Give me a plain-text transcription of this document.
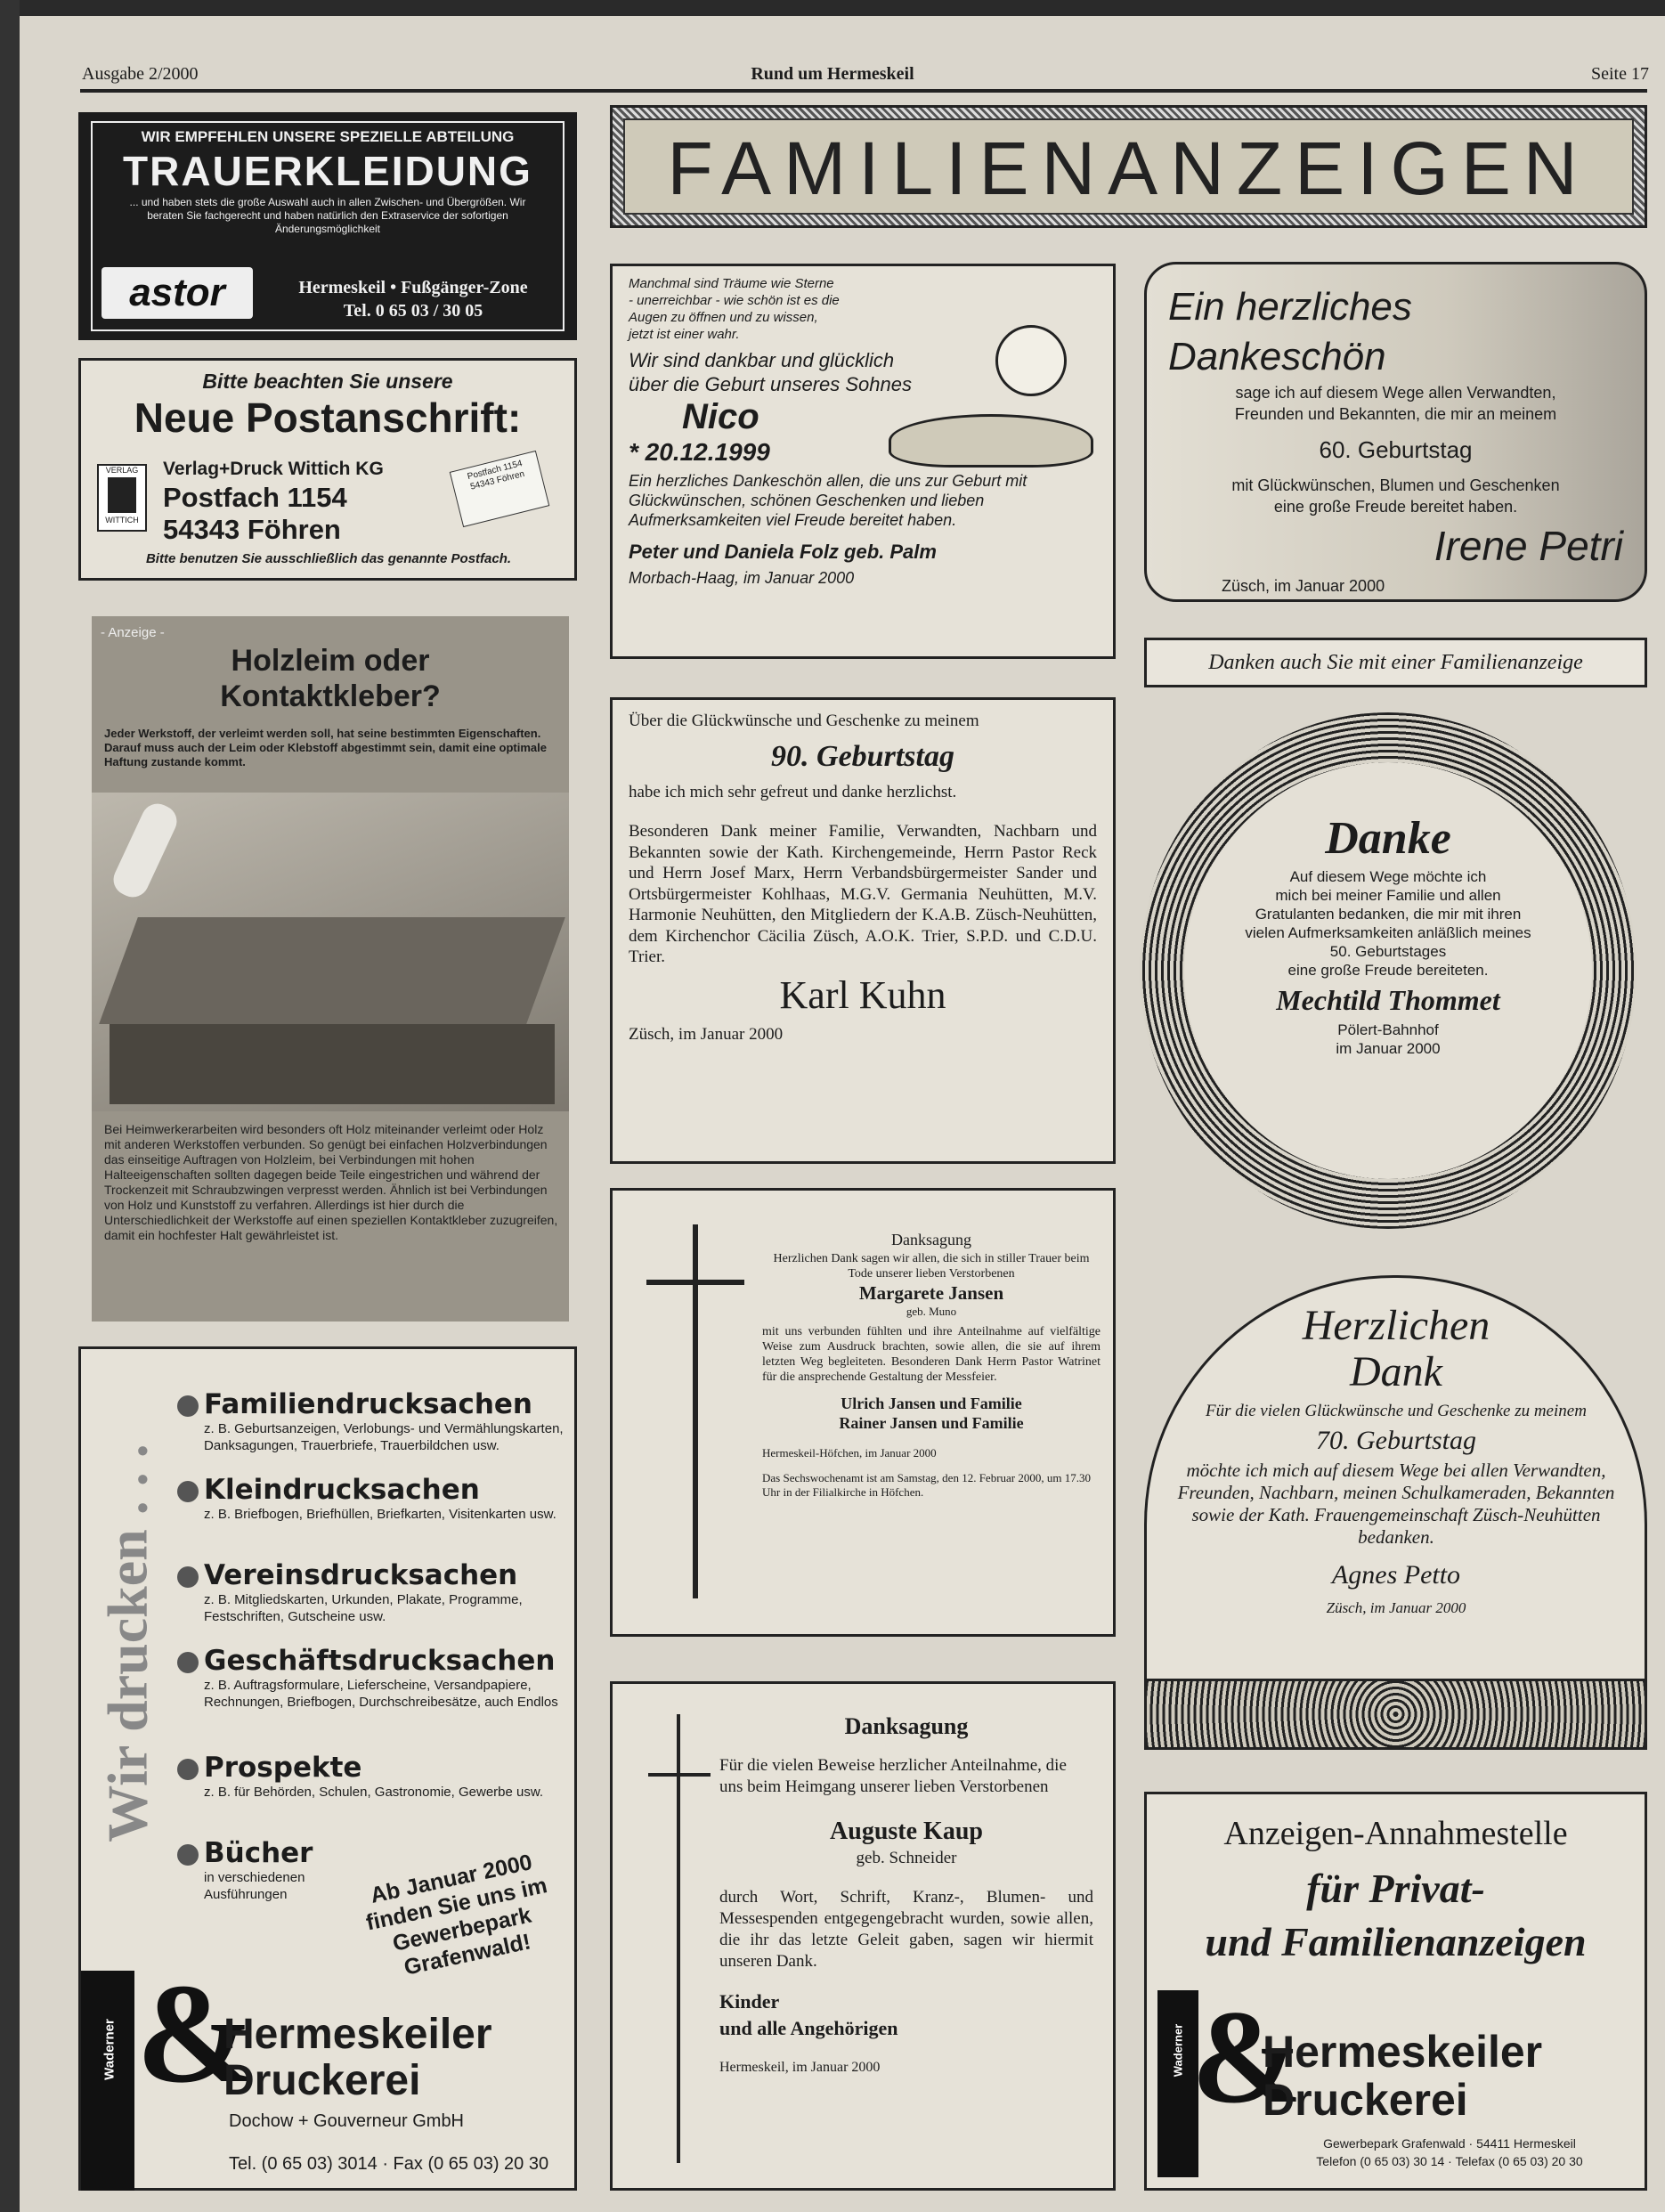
Ausgabe 2/2000	Rund um Hermeskeil	Seite 17
FAMILIENANZEIGEN
WIR EMPFEHLEN UNSERE SPEZIELLE ABTEILUNG
TRAUERKLEIDUNG
... und haben stets die große Auswahl auch in allen Zwischen- und Übergrößen. Wir beraten Sie fachgerecht und haben natürlich den Extraservice der sofortigen Änderungsmöglichkeit
astor	Hermeskeil • Fußgänger-Zone
Tel. 0 65 03 / 30 05
Bitte beachten Sie unsere
Neue Postanschrift:
VERLAG
WITTICH
Verlag+Druck Wittich KG
Postfach 1154
54343 Föhren
Postfach 1154 54343 Föhren
Bitte benutzen Sie ausschließlich das genannte Postfach.
- Anzeige -
Holzleim oder
Kontaktkleber?
Jeder Werkstoff, der verleimt werden soll, hat seine bestimmten Eigenschaften. Darauf muss auch der Leim oder Klebstoff abgestimmt sein, damit eine optimale Haftung zustande kommt.
Bei Heimwerkerarbeiten wird besonders oft Holz miteinander verleimt oder Holz mit anderen Werkstoffen verbunden. So genügt bei einfachen Holzverbindungen das einseitige Auftragen von Holzleim, bei Verbindungen mit hohen Halteeigenschaften sollten dagegen beide Teile eingestrichen und während der Trockenzeit mit Schraubzwingen verpresst werden. Ähnlich ist bei Verbindungen von Holz und Kunststoff zu verfahren. Allerdings ist hier durch die Unterschiedlichkeit der Werkstoffe auf einen speziellen Kontaktkleber zuzugreifen, damit ein hochfester Halt gewährleistet ist.
Wir drucken . . .
Familiendrucksachen
z. B. Geburtsanzeigen, Verlobungs- und Vermählungskarten, Danksagungen, Trauerbriefe, Trauerbildchen usw.
Kleindrucksachen
z. B. Briefbogen, Briefhüllen, Briefkarten, Visitenkarten usw.
Vereinsdrucksachen
z. B. Mitgliedskarten, Urkunden, Plakate, Programme, Festschriften, Gutscheine usw.
Geschäftsdrucksachen
z. B. Auftragsformulare, Lieferscheine, Versandpapiere, Rechnungen, Briefbogen, Durchschreibesätze, auch Endlos
Prospekte
z. B. für Behörden, Schulen, Gastronomie, Gewerbe usw.
Bücher
in verschiedenen Ausführungen	Ab Januar 2000 finden Sie uns im Gewerbepark Grafenwald!
Waderner &
Hermeskeiler
Druckerei
Dochow + Gouverneur GmbH
Tel. (0 65 03) 3014 · Fax (0 65 03) 20 30
Manchmal sind Träume wie Sterne
- unerreichbar - wie schön ist es die
Augen zu öffnen und zu wissen,
jetzt ist einer wahr.
Wir sind dankbar und glücklich
über die Geburt unseres Sohnes
Nico
* 20.12.1999
Ein herzliches Dankeschön allen, die uns zur Geburt mit Glückwünschen, schönen Geschenken und lieben Aufmerksamkeiten viel Freude bereitet haben.
Peter und Daniela Folz geb. Palm
Morbach-Haag, im Januar 2000
Über die Glückwünsche und Geschenke zu meinem
90. Geburtstag
habe ich mich sehr gefreut und danke herzlichst.
Besonderen Dank meiner Familie, Verwandten, Nachbarn und Bekannten sowie der Kath. Kirchengemeinde, Herrn Pastor Reck und Herrn Josef Marx, Herrn Verbandsbürgermeister Sander und Ortsbürgermeister Kohlhaas, M.G.V. Germania Neuhütten, M.V. Harmonie Neuhütten, den Mitgliedern der K.A.B. Züsch-Neuhütten, dem Kirchenchor Cäcilia Züsch, A.O.K. Trier, S.P.D. und C.D.U. Trier.
Karl Kuhn
Züsch, im Januar 2000
Danksagung
Herzlichen Dank sagen wir allen, die sich in stiller Trauer beim Tode unserer lieben Verstorbenen
Margarete Jansen
geb. Muno
mit uns verbunden fühlten und ihre Anteilnahme auf vielfältige Weise zum Ausdruck brachten, sowie allen, die sie auf ihrem letzten Weg begleiteten. Besonderen Dank Herrn Pastor Watrinet für die ansprechende Gestaltung der Messfeier.
Ulrich Jansen und Familie
Rainer Jansen und Familie
Hermeskeil-Höfchen, im Januar 2000
Das Sechswochenamt ist am Samstag, den 12. Februar 2000, um 17.30 Uhr in der Filialkirche in Höfchen.
Danksagung
Für die vielen Beweise herzlicher Anteilnahme, die uns beim Heimgang unserer lieben Verstorbenen
Auguste Kaup
geb. Schneider
durch Wort, Schrift, Kranz-, Blumen- und Messespenden entgegengebracht wurden, sowie allen, die ihr das letzte Geleit gaben, sagen wir hiermit unseren Dank.
Kinder
und alle Angehörigen
Hermeskeil, im Januar 2000
Ein herzliches Dankeschön
sage ich auf diesem Wege allen Verwandten,
Freunden und Bekannten, die mir an meinem
60. Geburtstag
mit Glückwünschen, Blumen und Geschenken
eine große Freude bereitet haben.
Irene Petri
Züsch, im Januar 2000
Danken auch Sie mit einer Familienanzeige
Danke
Auf diesem Wege möchte ich
mich bei meiner Familie und allen
Gratulanten bedanken, die mir mit ihren
vielen Aufmerksamkeiten anläßlich meines
50. Geburtstages
eine große Freude bereiteten.
Mechtild Thommet
Pölert-Bahnhof
im Januar 2000
Herzlichen
Dank
Für die vielen Glückwünsche und Geschenke zu meinem
70. Geburtstag
möchte ich mich auf diesem Wege bei allen Verwandten, Freunden, Nachbarn, meinen Schulkameraden, Bekannten sowie der Kath. Frauengemeinschaft Züsch-Neuhütten bedanken.
Agnes Petto
Züsch, im Januar 2000
Anzeigen-Annahmestelle
für Privat-
und Familienanzeigen
Waderner &
Hermeskeiler
Druckerei
Gewerbepark Grafenwald · 54411 Hermeskeil
Telefon (0 65 03) 30 14 · Telefax (0 65 03) 20 30
